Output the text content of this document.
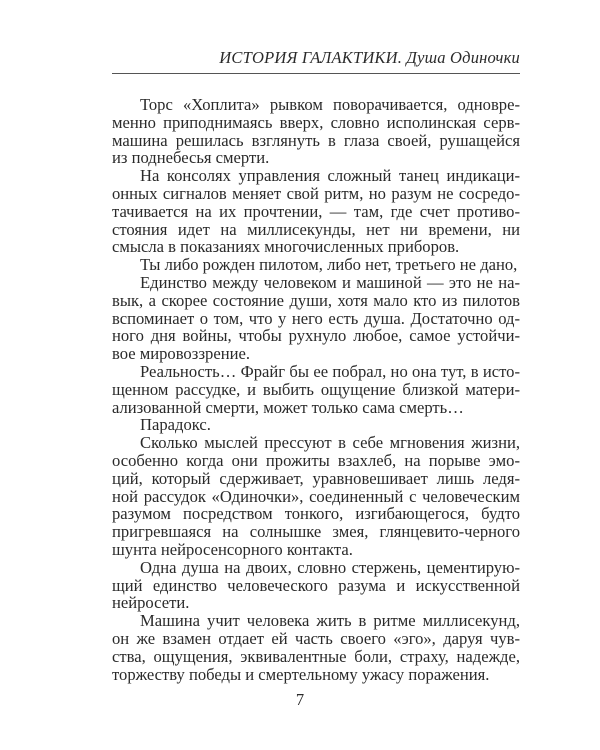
ИСТОРИЯ ГАЛАКТИКИ. Душа Одиночки
Торс «Хоплита» рывком поворачивается, одновре-
менно приподнимаясь вверх, словно исполинская серв-
машина решилась взглянуть в глаза своей, рушащейся
из поднебесья смерти.
На консолях управления сложный танец индикаци-
онных сигналов меняет свой ритм, но разум не сосредо-
тачивается на их прочтении, — там, где счет противо-
стояния идет на миллисекунды, нет ни времени, ни
смысла в показаниях многочисленных приборов.
Ты либо рожден пилотом, либо нет, третьего не дано,
Единство между человеком и машиной — это не на-
вык, а скорее состояние души, хотя мало кто из пилотов
вспоминает о том, что у него есть душа. Достаточно од-
ного дня войны, чтобы рухнуло любое, самое устойчи-
вое мировоззрение.
Реальность… Фрайг бы ее побрал, но она тут, в исто-
щенном рассудке, и выбить ощущение близкой матери-
ализованной смерти, может только сама смерть…
Парадокс.
Сколько мыслей прессуют в себе мгновения жизни,
особенно когда они прожиты взахлеб, на порыве эмо-
ций, который сдерживает, уравновешивает лишь ледя-
ной рассудок «Одиночки», соединенный с человеческим
разумом посредством тонкого, изгибающегося, будто
пригревшаяся на солнышке змея, глянцевито-черного
шунта нейросенсорного контакта.
Одна душа на двоих, словно стержень, цементирую-
щий единство человеческого разума и искусственной
нейросети.
Машина учит человека жить в ритме миллисекунд,
он же взамен отдает ей часть своего «эго», даруя чув-
ства, ощущения, эквивалентные боли, страху, надежде,
торжеству победы и смертельному ужасу поражения.
7
